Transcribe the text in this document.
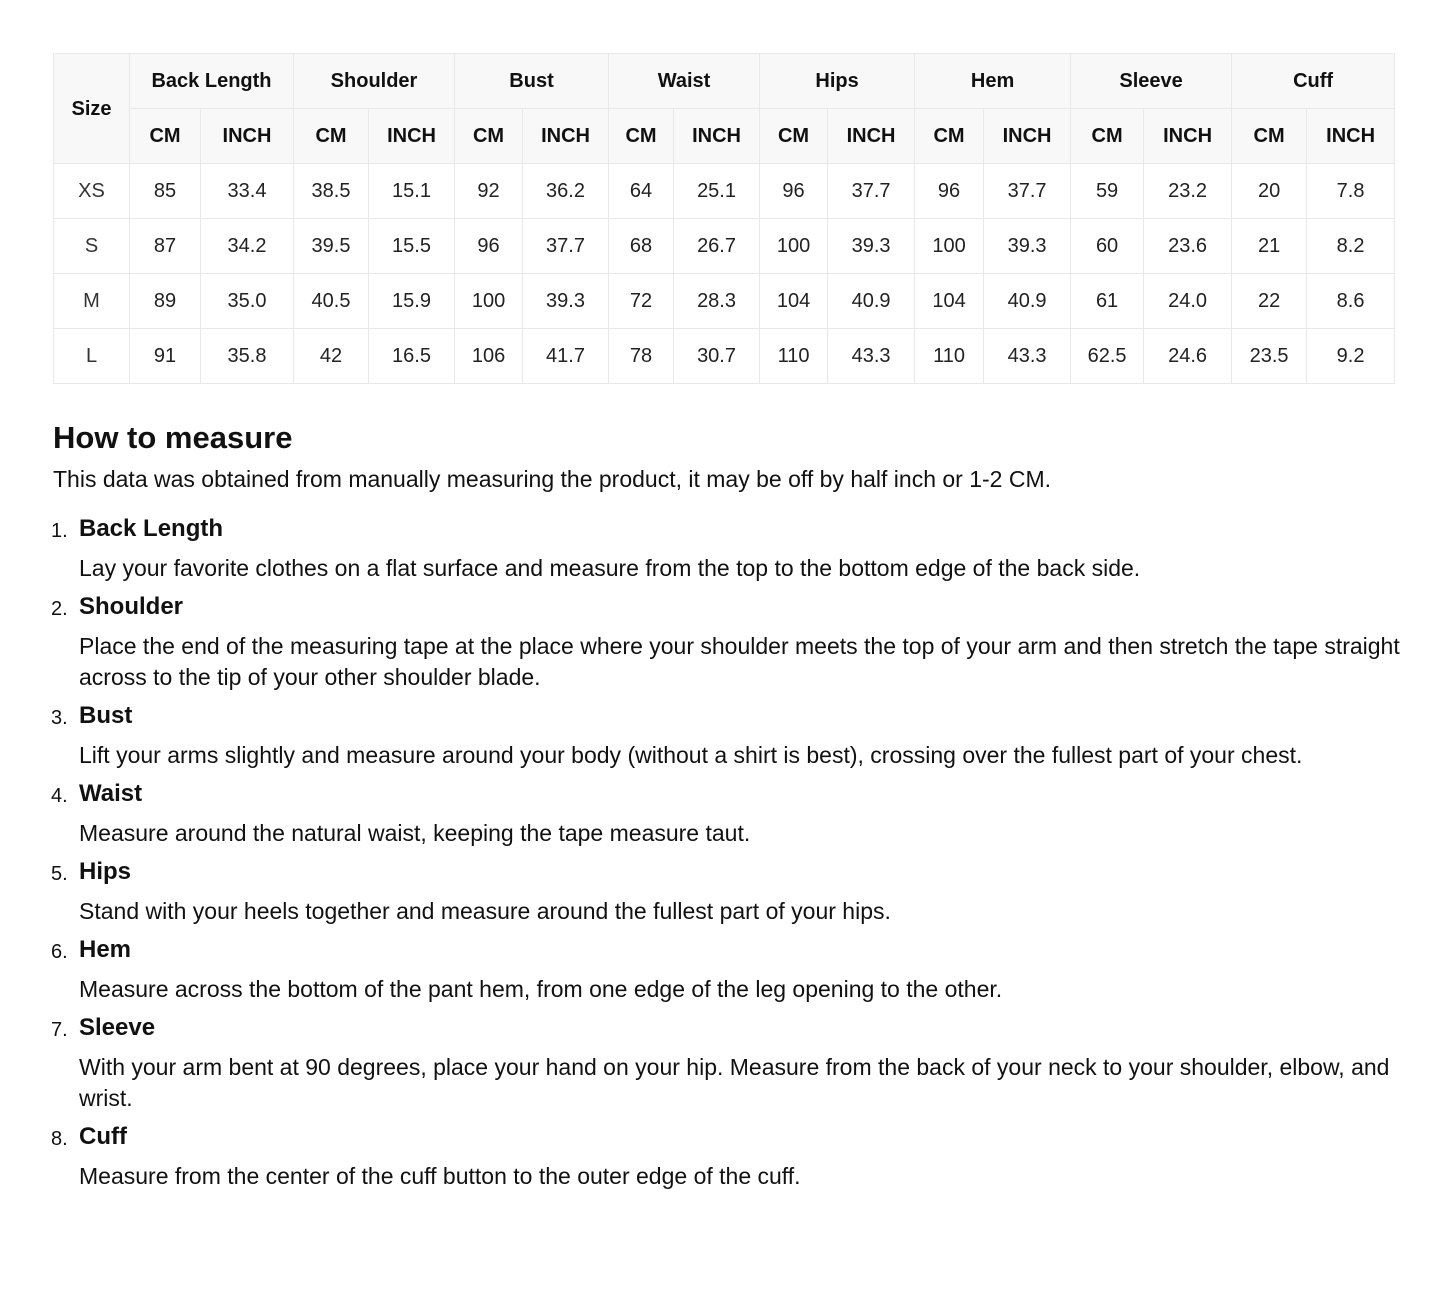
Size	Back Length		Shoulder		Bust		Waist		Hips		Hem		Sleeve		Cuff	
	CM	INCH	CM	INCH	CM	INCH	CM	INCH	CM	INCH	CM	INCH	CM	INCH	CM	INCH
XS	85	33.4	38.5	15.1	92	36.2	64	25.1	96	37.7	96	37.7	59	23.2	20	7.8
S	87	34.2	39.5	15.5	96	37.7	68	26.7	100	39.3	100	39.3	60	23.6	21	8.2
M	89	35.0	40.5	15.9	100	39.3	72	28.3	104	40.9	104	40.9	61	24.0	22	8.6
L	91	35.8	42	16.5	106	41.7	78	30.7	110	43.3	110	43.3	62.5	24.6	23.5	9.2
How to measure

This data was obtained from manually measuring the product, it may be off by half inch or 1-2 CM.

1. Back Length
Lay your favorite clothes on a flat surface and measure from the top to the bottom edge of the back side.
2. Shoulder
Place the end of the measuring tape at the place where your shoulder meets the top of your arm and then stretch the tape straight across to the tip of your other shoulder blade.
3. Bust
Lift your arms slightly and measure around your body (without a shirt is best), crossing over the fullest part of your chest.
4. Waist
Measure around the natural waist, keeping the tape measure taut.
5. Hips
Stand with your heels together and measure around the fullest part of your hips.
6. Hem
Measure across the bottom of the pant hem, from one edge of the leg opening to the other.
7. Sleeve
With your arm bent at 90 degrees, place your hand on your hip. Measure from the back of your neck to your shoulder, elbow, and wrist.
8. Cuff
Measure from the center of the cuff button to the outer edge of the cuff.
